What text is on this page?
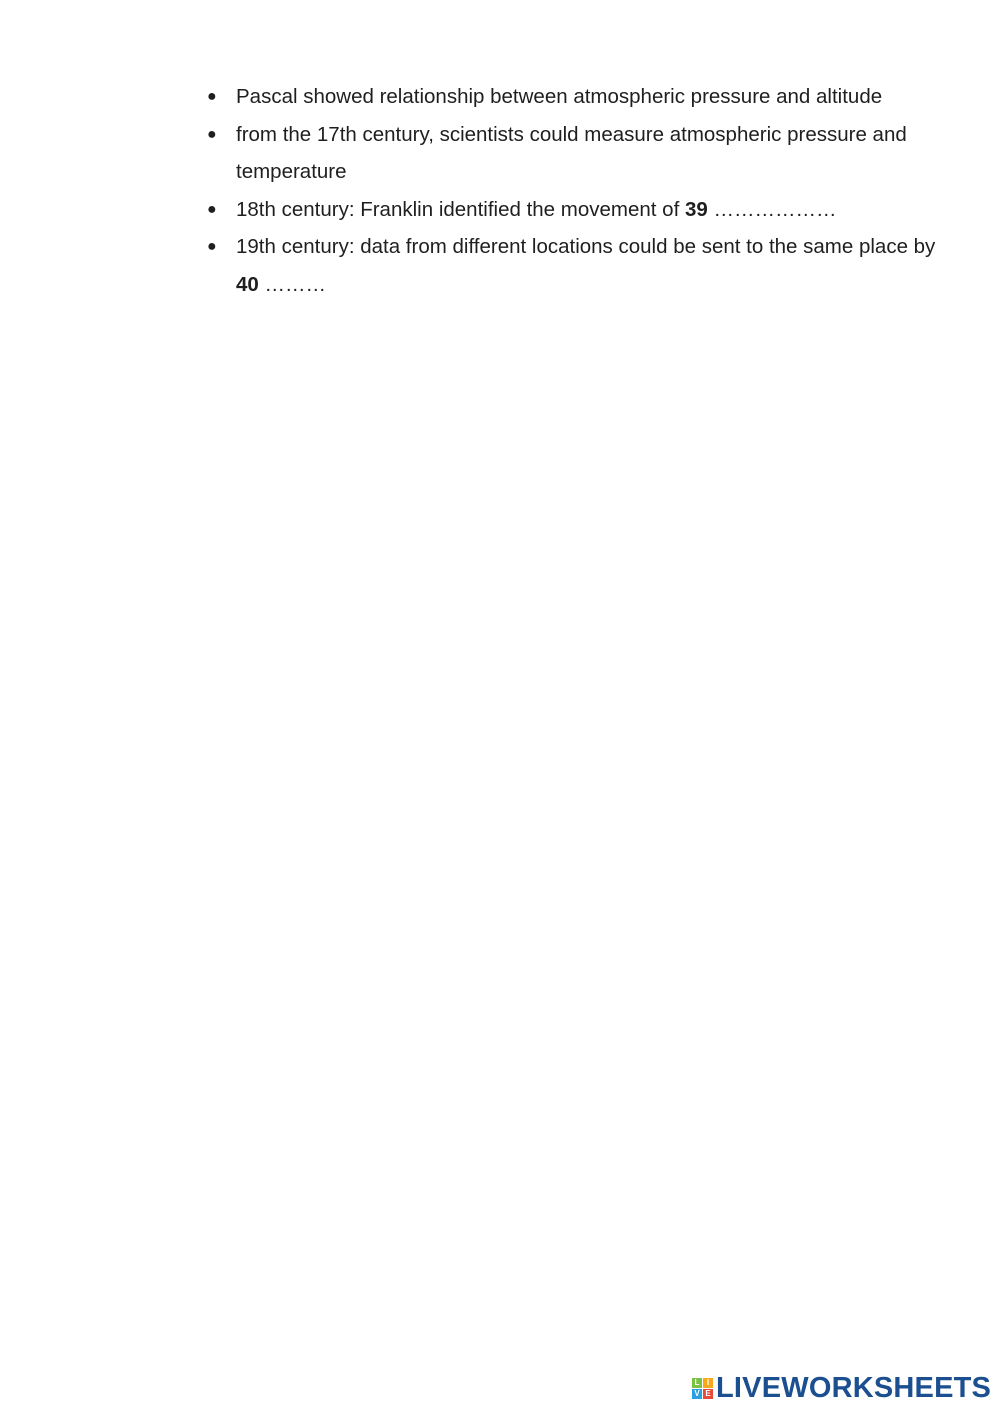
● Pascal showed relationship between atmospheric pressure and altitude
● from the 17th century, scientists could measure atmospheric pressure and temperature
● 18th century: Franklin identified the movement of 39 ………………
● 19th century: data from different locations could be sent to the same place by 40 ………
L I
V E LIVEWORKSHEETS
